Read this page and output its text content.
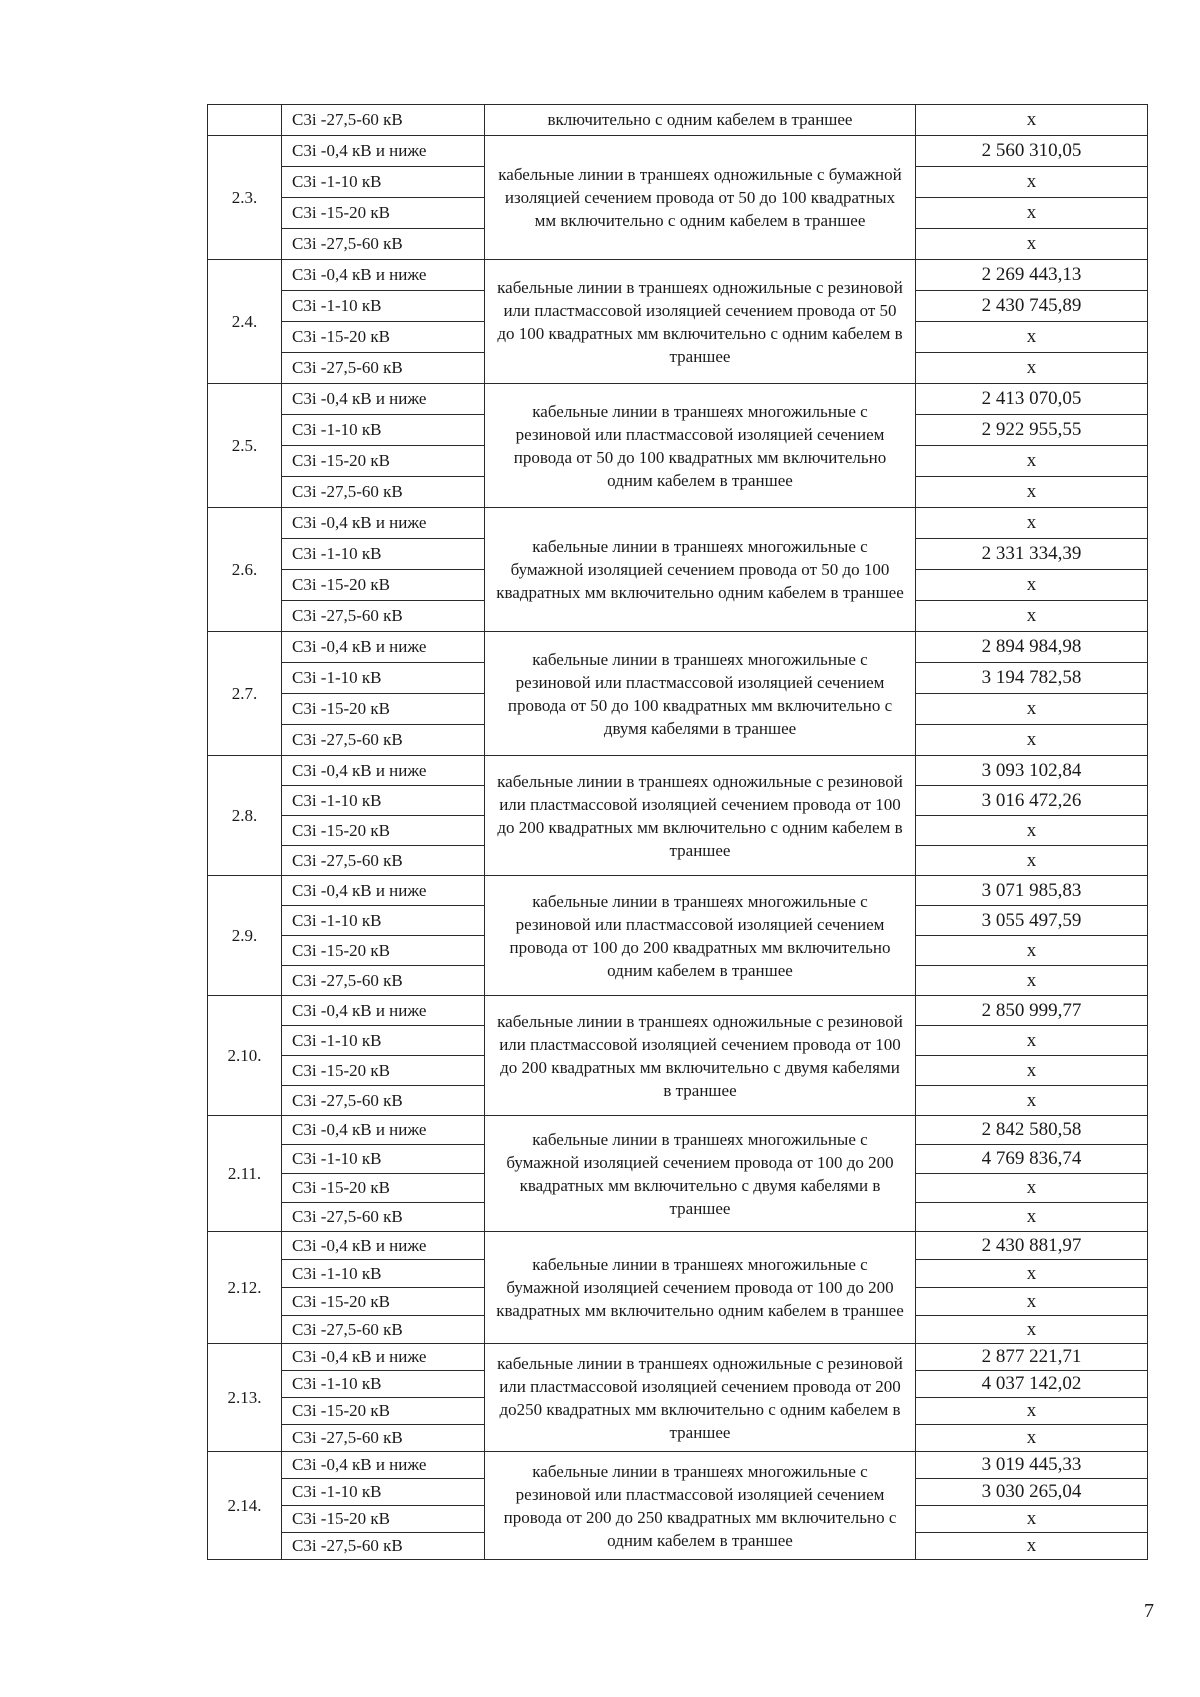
	C3i -27,5-60 кВ	включительно с одним кабелем в траншее	x
2.3.	C3i -0,4 кВ и ниже	кабельные линии в траншеях одножильные с бумажной изоляцией сечением провода от 50 до 100 квадратных мм включительно с одним кабелем в траншее	2 560 310,05
	C3i -1-10 кВ		x
	C3i -15-20 кВ		x
	C3i -27,5-60 кВ		x
2.4.	C3i -0,4 кВ и ниже	кабельные линии в траншеях одножильные с резиновой или пластмассовой изоляцией сечением провода от 50 до 100 квадратных мм включительно с одним кабелем в траншее	2 269 443,13
	C3i -1-10 кВ		2 430 745,89
	C3i -15-20 кВ		x
	C3i -27,5-60 кВ		x
2.5.	C3i -0,4 кВ и ниже	кабельные линии в траншеях многожильные с резиновой или пластмассовой изоляцией сечением провода от 50 до 100 квадратных мм включительно одним кабелем в траншее	2 413 070,05
	C3i -1-10 кВ		2 922 955,55
	C3i -15-20 кВ		x
	C3i -27,5-60 кВ		x
2.6.	C3i -0,4 кВ и ниже	кабельные линии в траншеях многожильные с бумажной изоляцией сечением провода от 50 до 100 квадратных мм включительно одним кабелем в траншее	x
	C3i -1-10 кВ		2 331 334,39
	C3i -15-20 кВ		x
	C3i -27,5-60 кВ		x
2.7.	C3i -0,4 кВ и ниже	кабельные линии в траншеях многожильные с резиновой или пластмассовой изоляцией сечением провода от 50 до 100 квадратных мм включительно с двумя кабелями в траншее	2 894 984,98
	C3i -1-10 кВ		3 194 782,58
	C3i -15-20 кВ		x
	C3i -27,5-60 кВ		x
2.8.	C3i -0,4 кВ и ниже	кабельные линии в траншеях одножильные с резиновой или пластмассовой изоляцией сечением провода от 100 до 200 квадратных мм включительно с одним кабелем в траншее	3 093 102,84
	C3i -1-10 кВ		3 016 472,26
	C3i -15-20 кВ		x
	C3i -27,5-60 кВ		x
2.9.	C3i -0,4 кВ и ниже	кабельные линии в траншеях многожильные с резиновой или пластмассовой изоляцией сечением провода от 100 до 200 квадратных мм включительно одним кабелем в траншее	3 071 985,83
	C3i -1-10 кВ		3 055 497,59
	C3i -15-20 кВ		x
	C3i -27,5-60 кВ		x
2.10.	C3i -0,4 кВ и ниже	кабельные линии в траншеях одножильные с резиновой или пластмассовой изоляцией сечением провода от 100 до 200 квадратных мм включительно с двумя кабелями в траншее	2 850 999,77
	C3i -1-10 кВ		x
	C3i -15-20 кВ		x
	C3i -27,5-60 кВ		x
2.11.	C3i -0,4 кВ и ниже	кабельные линии в траншеях многожильные с бумажной изоляцией сечением провода от 100 до 200 квадратных мм включительно с двумя кабелями в траншее	2 842 580,58
	C3i -1-10 кВ		4 769 836,74
	C3i -15-20 кВ		x
	C3i -27,5-60 кВ		x
2.12.	C3i -0,4 кВ и ниже	кабельные линии в траншеях многожильные с бумажной изоляцией сечением провода от 100 до 200 квадратных мм включительно одним кабелем в траншее	2 430 881,97
	C3i -1-10 кВ		x
	C3i -15-20 кВ		x
	C3i -27,5-60 кВ		x
2.13.	C3i -0,4 кВ и ниже	кабельные линии в траншеях одножильные с резиновой или пластмассовой изоляцией сечением провода от 200 до250 квадратных мм включительно с одним кабелем в траншее	2 877 221,71
	C3i -1-10 кВ		4 037 142,02
	C3i -15-20 кВ		x
	C3i -27,5-60 кВ		x
2.14.	C3i -0,4 кВ и ниже	кабельные линии в траншеях многожильные с резиновой или пластмассовой изоляцией сечением провода от 200 до 250 квадратных мм включительно с одним кабелем в траншее	3 019 445,33
	C3i -1-10 кВ		3 030 265,04
	C3i -15-20 кВ		x
	C3i -27,5-60 кВ		x
7
